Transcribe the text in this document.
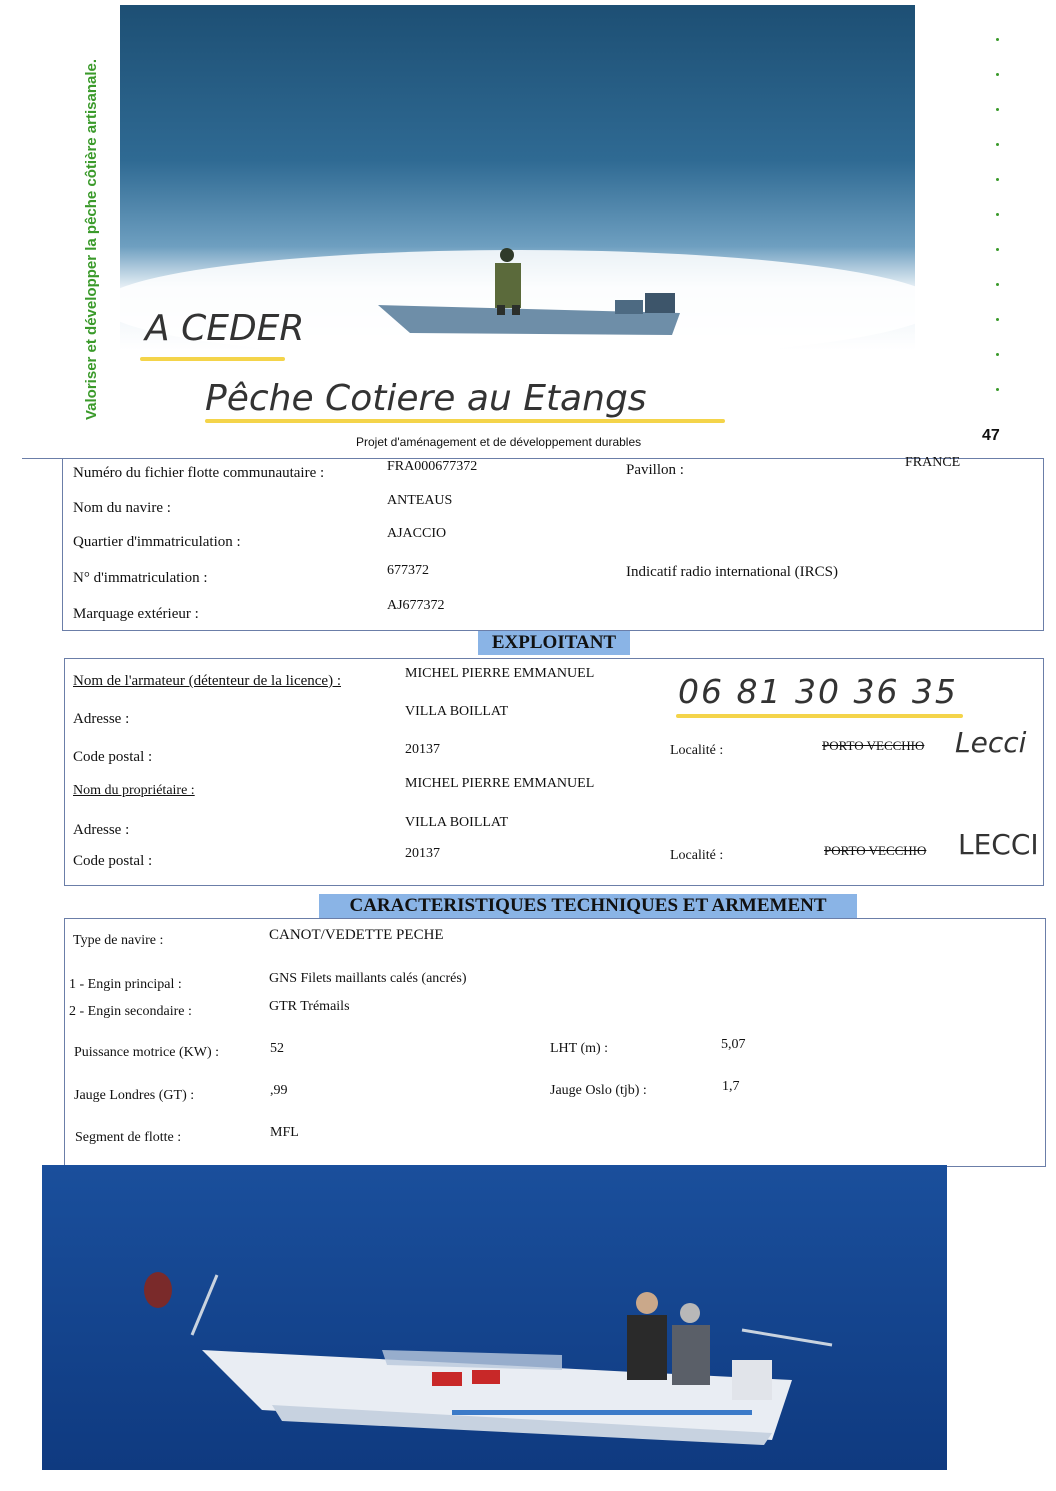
Valoriser et développer la pêche côtière artisanale. A CEDER
Pêche Cotiere au Etangs
Projet d'aménagement et de développement durables	47
Numéro du fichier flotte communautaire :	FRA000677372	Pavillon :	FRANCE
Nom du navire :	ANTEAUS
Quartier d'immatriculation :
AJACCIO
N° d'immatriculation :	677372	Indicatif radio international (IRCS)
Marquage extérieur :
AJ677372
EXPLOITANT
Nom de l'armateur (détenteur de la licence) :	MICHEL PIERRE EMMANUEL	06 81 30 36 35
Adresse :	VILLA BOILLAT
Code postal :	20137	Localité :	PORTO VECCHIO Lecci
Nom du propriétaire :	MICHEL PIERRE EMMANUEL
Adresse :	VILLA BOILLAT
Code postal :	20137	Localité :	PORTO VECCHIO LECCI
CARACTERISTIQUES TECHNIQUES ET ARMEMENT
Type de navire :	CANOT/VEDETTE PECHE
1 - Engin principal :	GNS Filets maillants calés (ancrés)
2 - Engin secondaire :	GTR Trémails
Puissance motrice (KW) :	52	LHT (m) :	5,07
Jauge Londres (GT) :	,99	Jauge Oslo (tjb) :	1,7
Segment de flotte :	MFL
